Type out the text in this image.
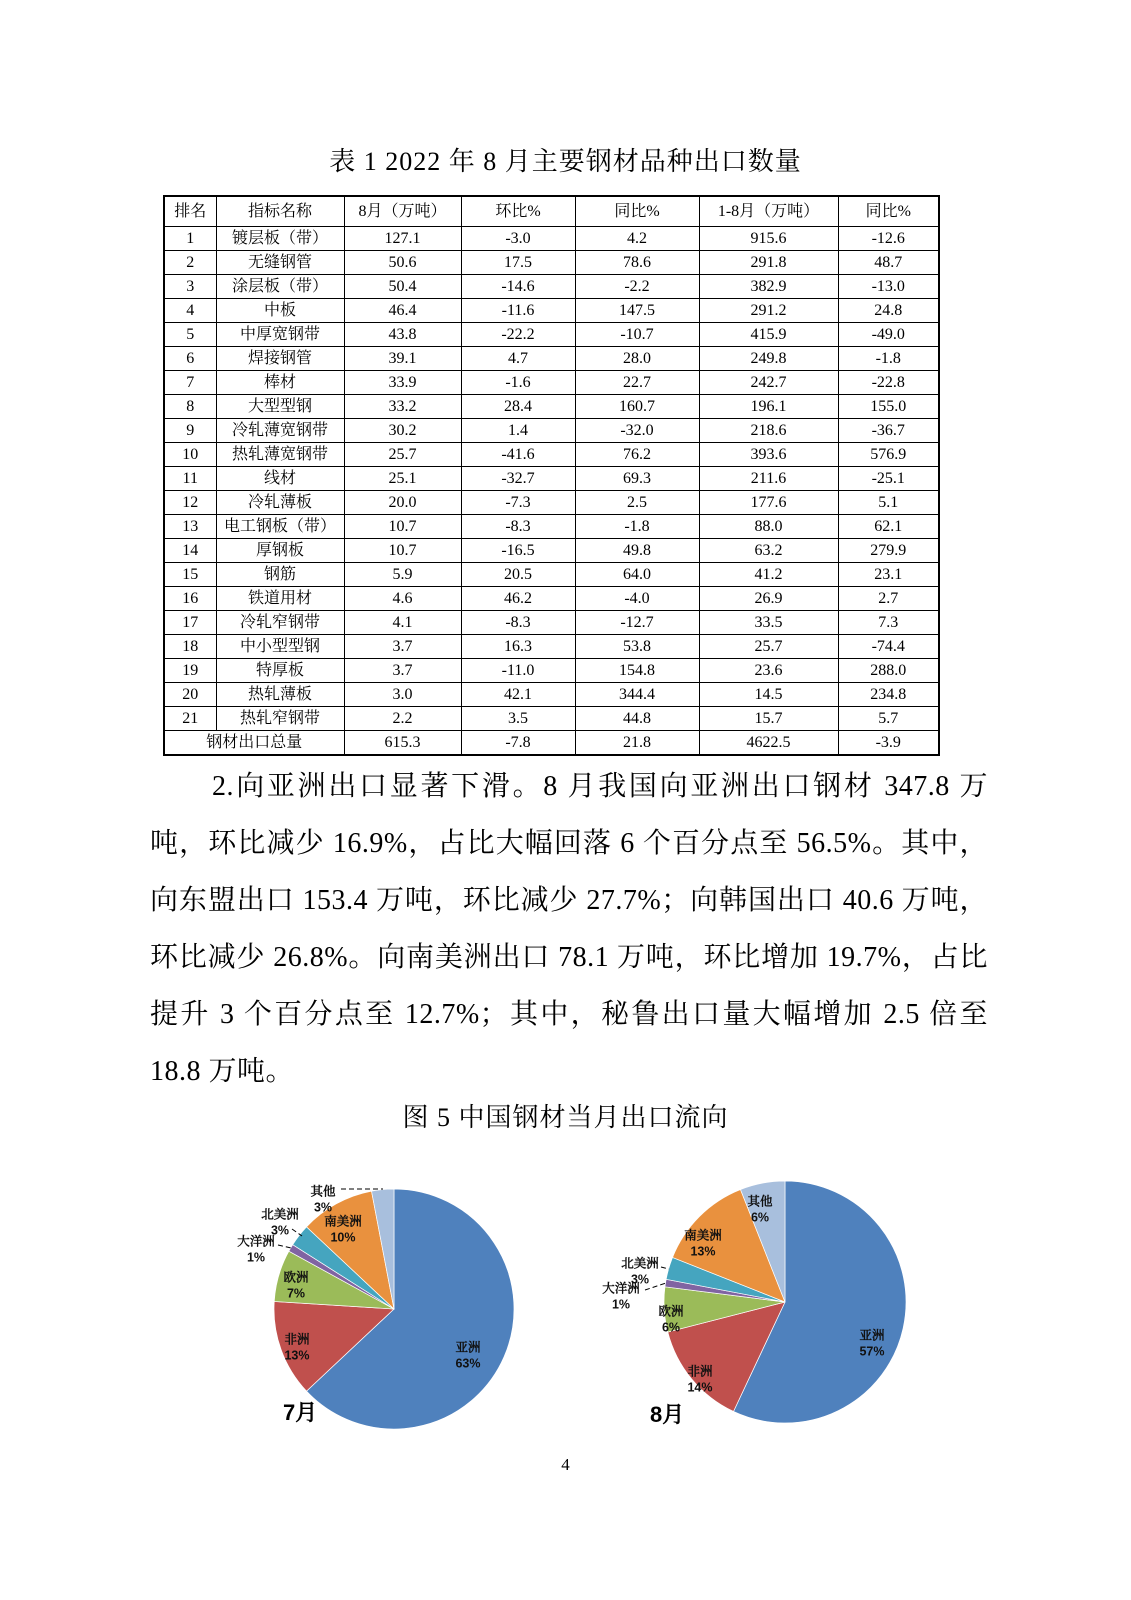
表 1 2022 年 8 月主要钢材品种出口数量
排名	指标名称	8月（万吨）	环比%	同比%	1-8月（万吨）	同比%
1	镀层板（带）	127.1	-3.0	4.2	915.6	-12.6
2	无缝钢管	50.6	17.5	78.6	291.8	48.7
3	涂层板（带）	50.4	-14.6	-2.2	382.9	-13.0
4	中板	46.4	-11.6	147.5	291.2	24.8
5	中厚宽钢带	43.8	-22.2	-10.7	415.9	-49.0
6	焊接钢管	39.1	4.7	28.0	249.8	-1.8
7	棒材	33.9	-1.6	22.7	242.7	-22.8
8	大型型钢	33.2	28.4	160.7	196.1	155.0
9	冷轧薄宽钢带	30.2	1.4	-32.0	218.6	-36.7
10	热轧薄宽钢带	25.7	-41.6	76.2	393.6	576.9
11	线材	25.1	-32.7	69.3	211.6	-25.1
12	冷轧薄板	20.0	-7.3	2.5	177.6	5.1
13	电工钢板（带）	10.7	-8.3	-1.8	88.0	62.1
14	厚钢板	10.7	-16.5	49.8	63.2	279.9
15	钢筋	5.9	20.5	64.0	41.2	23.1
16	铁道用材	4.6	46.2	-4.0	26.9	2.7
17	冷轧窄钢带	4.1	-8.3	-12.7	33.5	7.3
18	中小型型钢	3.7	16.3	53.8	25.7	-74.4
19	特厚板	3.7	-11.0	154.8	23.6	288.0
20	热轧薄板	3.0	42.1	344.4	14.5	234.8
21	热轧窄钢带	2.2	3.5	44.8	15.7	5.7
钢材出口总量		615.3	-7.8	21.8	4622.5	-3.9

2.向亚洲出口显著下滑。8 月我国向亚洲出口钢材 347.8 万吨，环比减少 16.9%，占比大幅回落 6 个百分点至 56.5%。其中，向东盟出口 153.4 万吨，环比减少 27.7%；向韩国出口 40.6 万吨，环比减少 26.8%。向南美洲出口 78.1 万吨，环比增加 19.7%，占比提升 3 个百分点至 12.7%；其中，秘鲁出口量大幅增加 2.5 倍至 18.8 万吨。

图 5 中国钢材当月出口流向
亚洲
63%
非洲
13%
欧洲
7%
大洋洲
1%
北美洲
3%
南美洲
10%
其他
3%
亚洲
57%
非洲
14%
欧洲
6%
大洋洲
1%
北美洲
3%
南美洲
13%
其他
6%
7月	8月
4
